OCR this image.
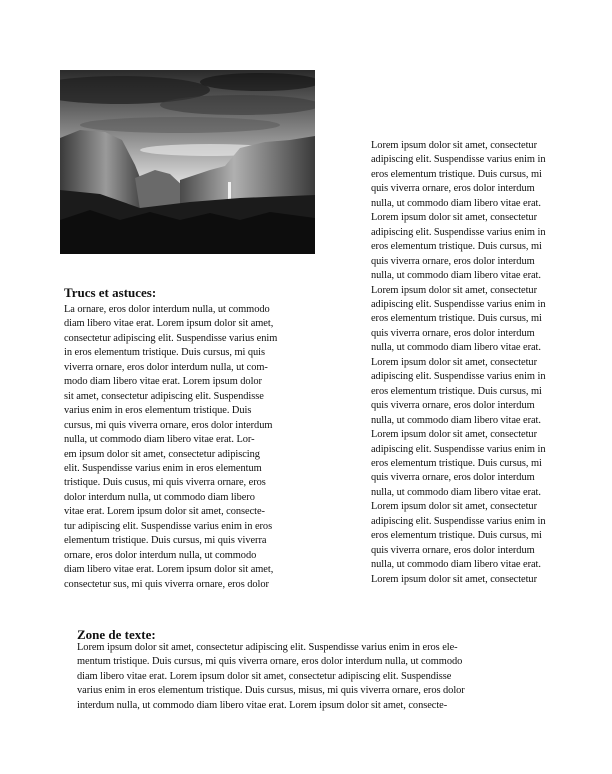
Trucs et astuces:
La ornare, eros dolor interdum nulla, ut commodo
diam libero vitae erat. Lorem ipsum dolor sit amet,
consectetur adipiscing elit. Suspendisse varius enim
in eros elementum tristique. Duis cursus, mi quis
viverra ornare, eros dolor interdum nulla, ut com-
modo diam libero vitae erat. Lorem ipsum dolor
sit amet, consectetur adipiscing elit. Suspendisse
varius enim in eros elementum tristique. Duis
cursus, mi quis viverra ornare, eros dolor interdum
nulla, ut commodo diam libero vitae erat. Lor-
em ipsum dolor sit amet, consectetur adipiscing
elit. Suspendisse varius enim in eros elementum
tristique. Duis cusus, mi quis viverra ornare, eros
dolor interdum nulla, ut commodo diam libero
vitae erat. Lorem ipsum dolor sit amet, consecte-
tur adipiscing elit. Suspendisse varius enim in eros
elementum tristique. Duis cursus, mi quis viverra
ornare, eros dolor interdum nulla, ut commodo
diam libero vitae erat. Lorem ipsum dolor sit amet,
consectetur sus, mi quis viverra ornare, eros dolor
Lorem ipsum dolor sit amet, consectetur
adipiscing elit. Suspendisse varius enim in
eros elementum tristique. Duis cursus, mi
quis viverra ornare, eros dolor interdum
nulla, ut commodo diam libero vitae erat.
Lorem ipsum dolor sit amet, consectetur
adipiscing elit. Suspendisse varius enim in
eros elementum tristique. Duis cursus, mi
quis viverra ornare, eros dolor interdum
nulla, ut commodo diam libero vitae erat.
Lorem ipsum dolor sit amet, consectetur
adipiscing elit. Suspendisse varius enim in
eros elementum tristique. Duis cursus, mi
quis viverra ornare, eros dolor interdum
nulla, ut commodo diam libero vitae erat.
Lorem ipsum dolor sit amet, consectetur
adipiscing elit. Suspendisse varius enim in
eros elementum tristique. Duis cursus, mi
quis viverra ornare, eros dolor interdum
nulla, ut commodo diam libero vitae erat.
Lorem ipsum dolor sit amet, consectetur
adipiscing elit. Suspendisse varius enim in
eros elementum tristique. Duis cursus, mi
quis viverra ornare, eros dolor interdum
nulla, ut commodo diam libero vitae erat.
Lorem ipsum dolor sit amet, consectetur
adipiscing elit. Suspendisse varius enim in
eros elementum tristique. Duis cursus, mi
quis viverra ornare, eros dolor interdum
nulla, ut commodo diam libero vitae erat.
Lorem ipsum dolor sit amet, consectetur
Zone de texte:
Lorem ipsum dolor sit amet, consectetur adipiscing elit. Suspendisse varius enim in eros ele-
mentum tristique. Duis cursus, mi quis viverra ornare, eros dolor interdum nulla, ut commodo
diam libero vitae erat. Lorem ipsum dolor sit amet, consectetur adipiscing elit. Suspendisse
varius enim in eros elementum tristique. Duis cursus, misus, mi quis viverra ornare, eros dolor
interdum nulla, ut commodo diam libero vitae erat. Lorem ipsum dolor sit amet, consecte-
